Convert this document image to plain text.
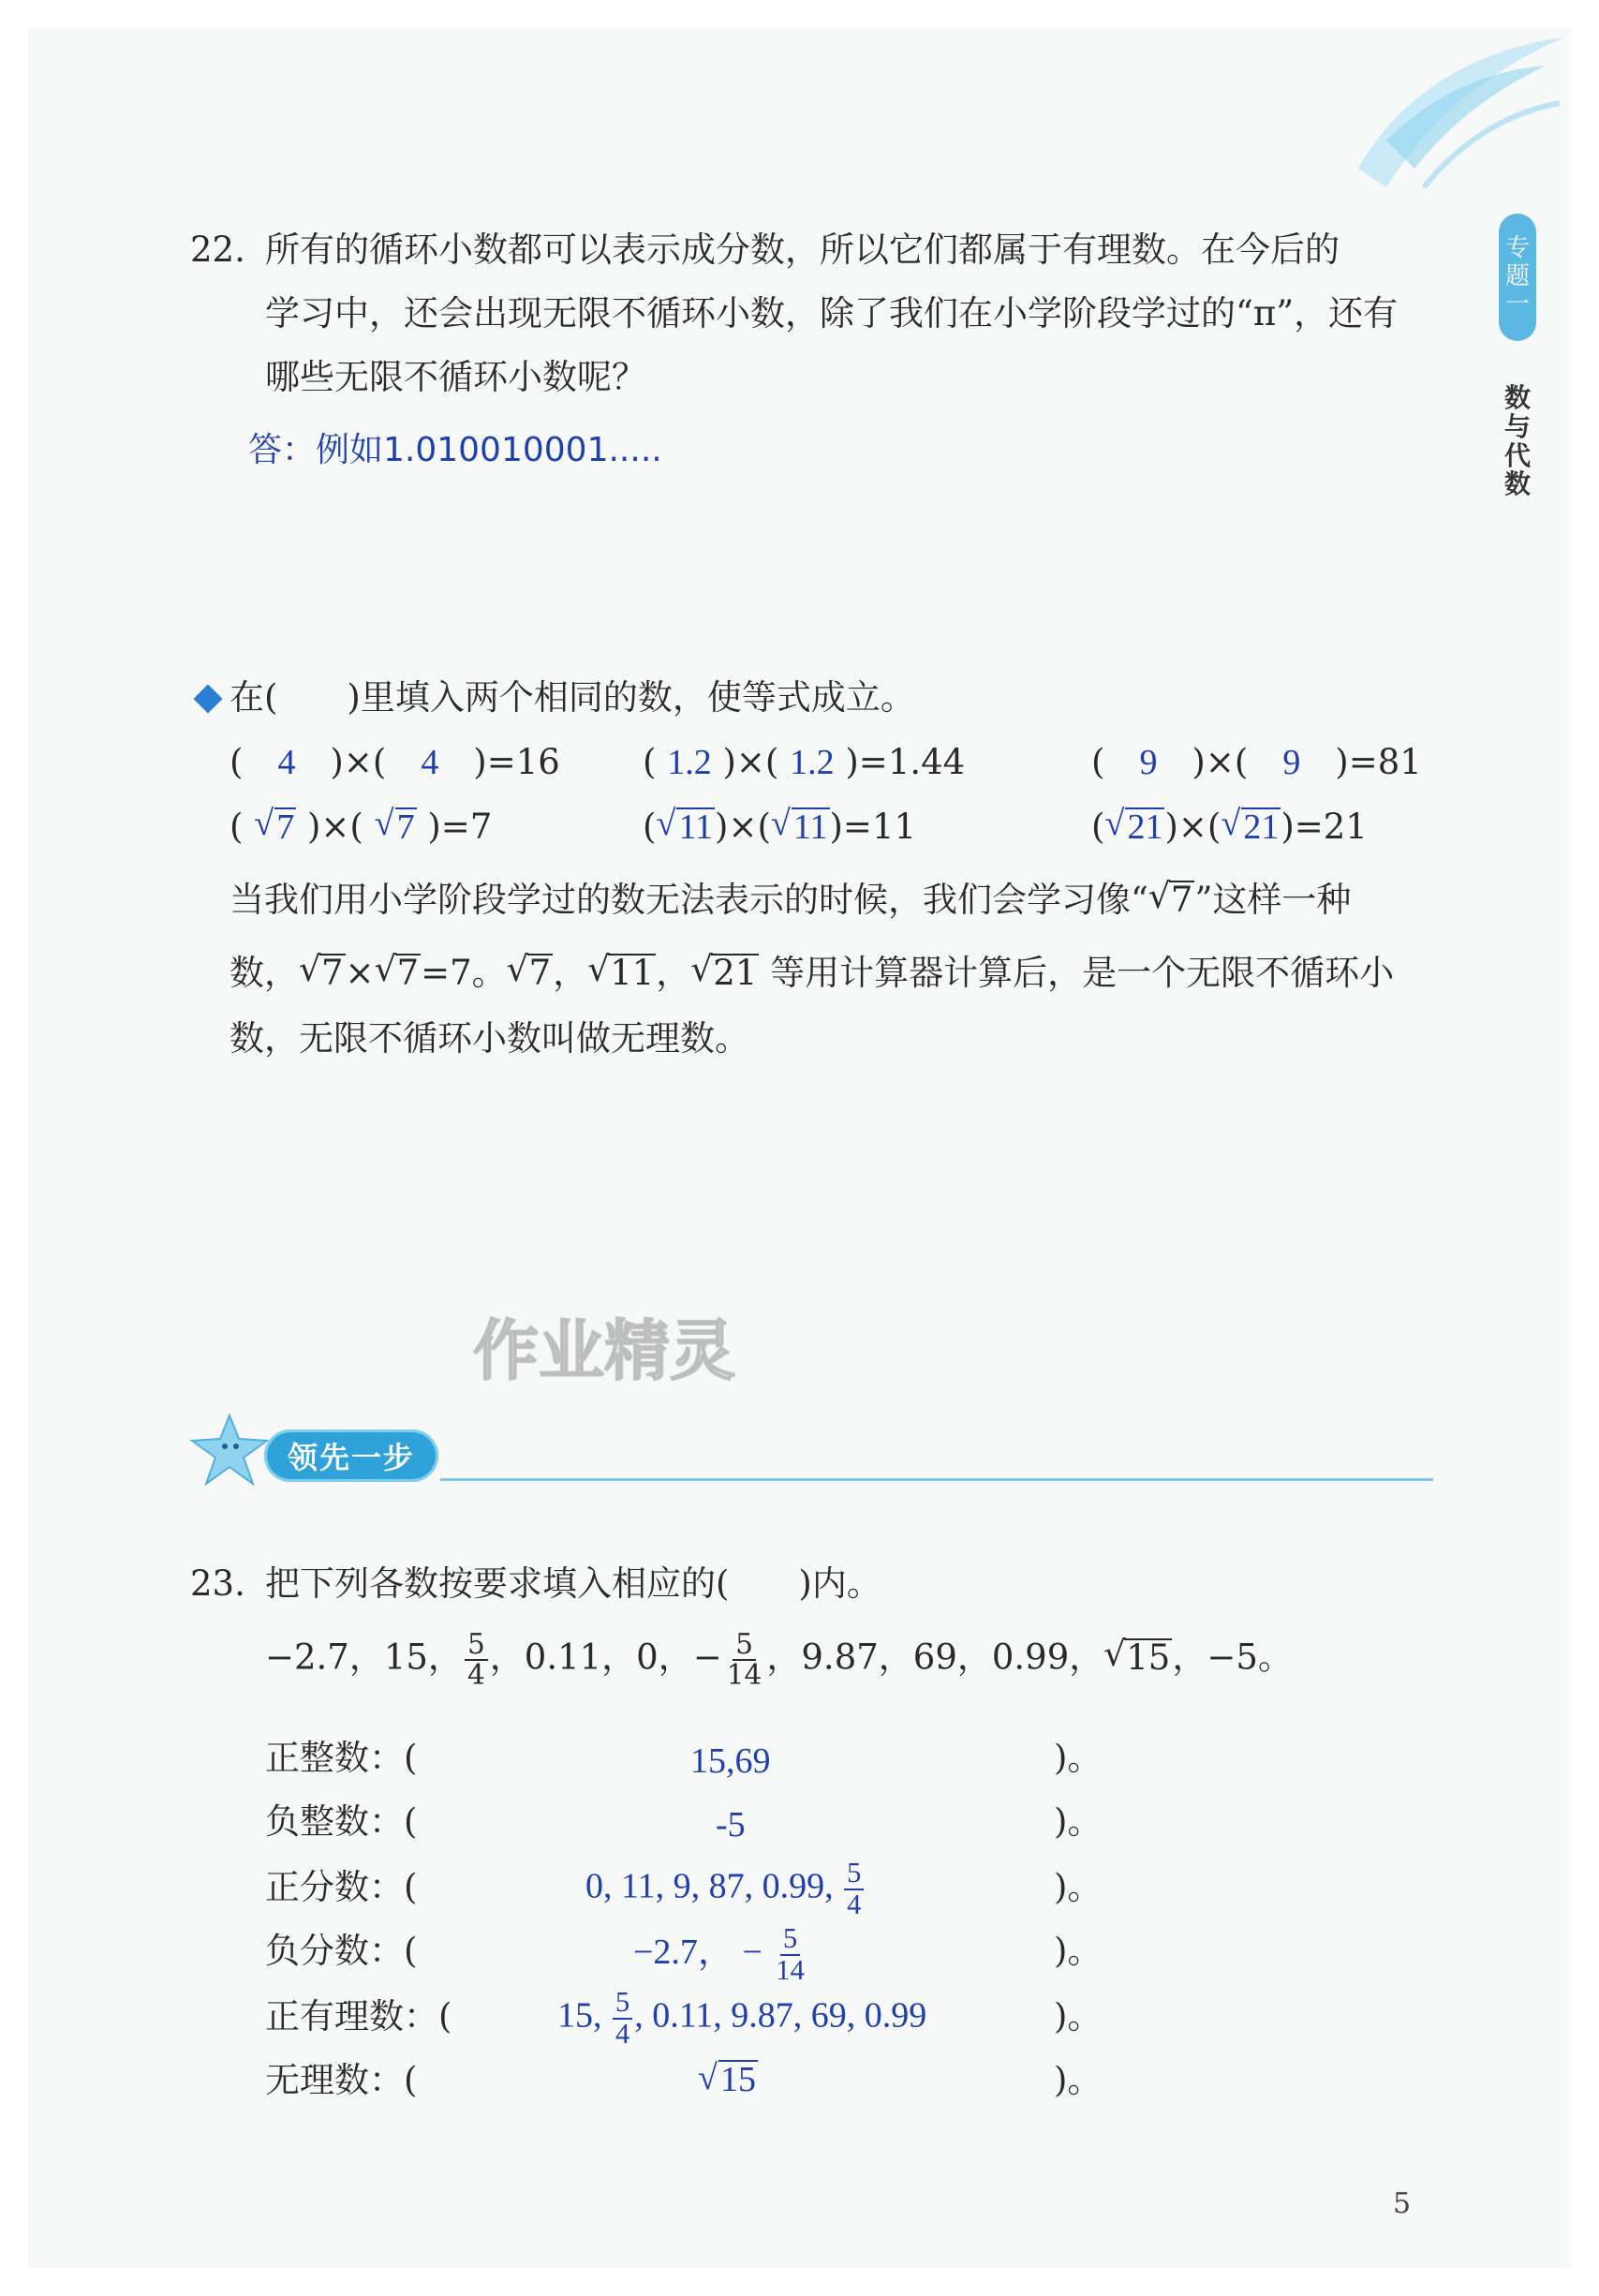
专
题
一
数
与
代
数
22. 所有的循环小数都可以表示成分数，所以它们都属于有理数。在今后的
学习中，还会出现无限不循环小数，除了我们在小学阶段学过的“π”，还有
哪些无限不循环小数呢？
答：例如1.010010001.....
在(　　)里填入两个相同的数，使等式成立。
(　4　)×(　4　)=16 ( 1.2 )×( 1.2 )=1.44	(　9　)×(　9　)=81
( √ 7 )×( √ 7 )=7	( √ 11)×( √ 11)=11	( √ 21)×( √ 21)=21
当我们用小学阶段学过的数无法表示的时候，我们会学习像“ √ 7”这样一种
数， √ 7× √ 7=7。 √ 7， √ 11， √ 21 等用计算器计算后，是一个无限不循环小
数，无限不循环小数叫做无理数。
作业精灵
领先一步
23. 把下列各数按要求填入相应的(　　)内。
−2.7，15， $\frac{5}{4}$ ，0.11，0，− $\frac{5}{14}$ ，9.87，69，0.99， √ 15，−5。
正整数：(	15,69	)。
负整数：(	-5	)。
正分数：(	0, 11, 9, 87, 0.99, $\frac{5}{4}$	)。
负分数：(	−2.7， − $\frac{5}{14}$	)。
正有理数：(	15, $\frac{5}{4}$ , 0.11, 9.87, 69, 0.99	)。
无理数：(	√ 15	)。
5
